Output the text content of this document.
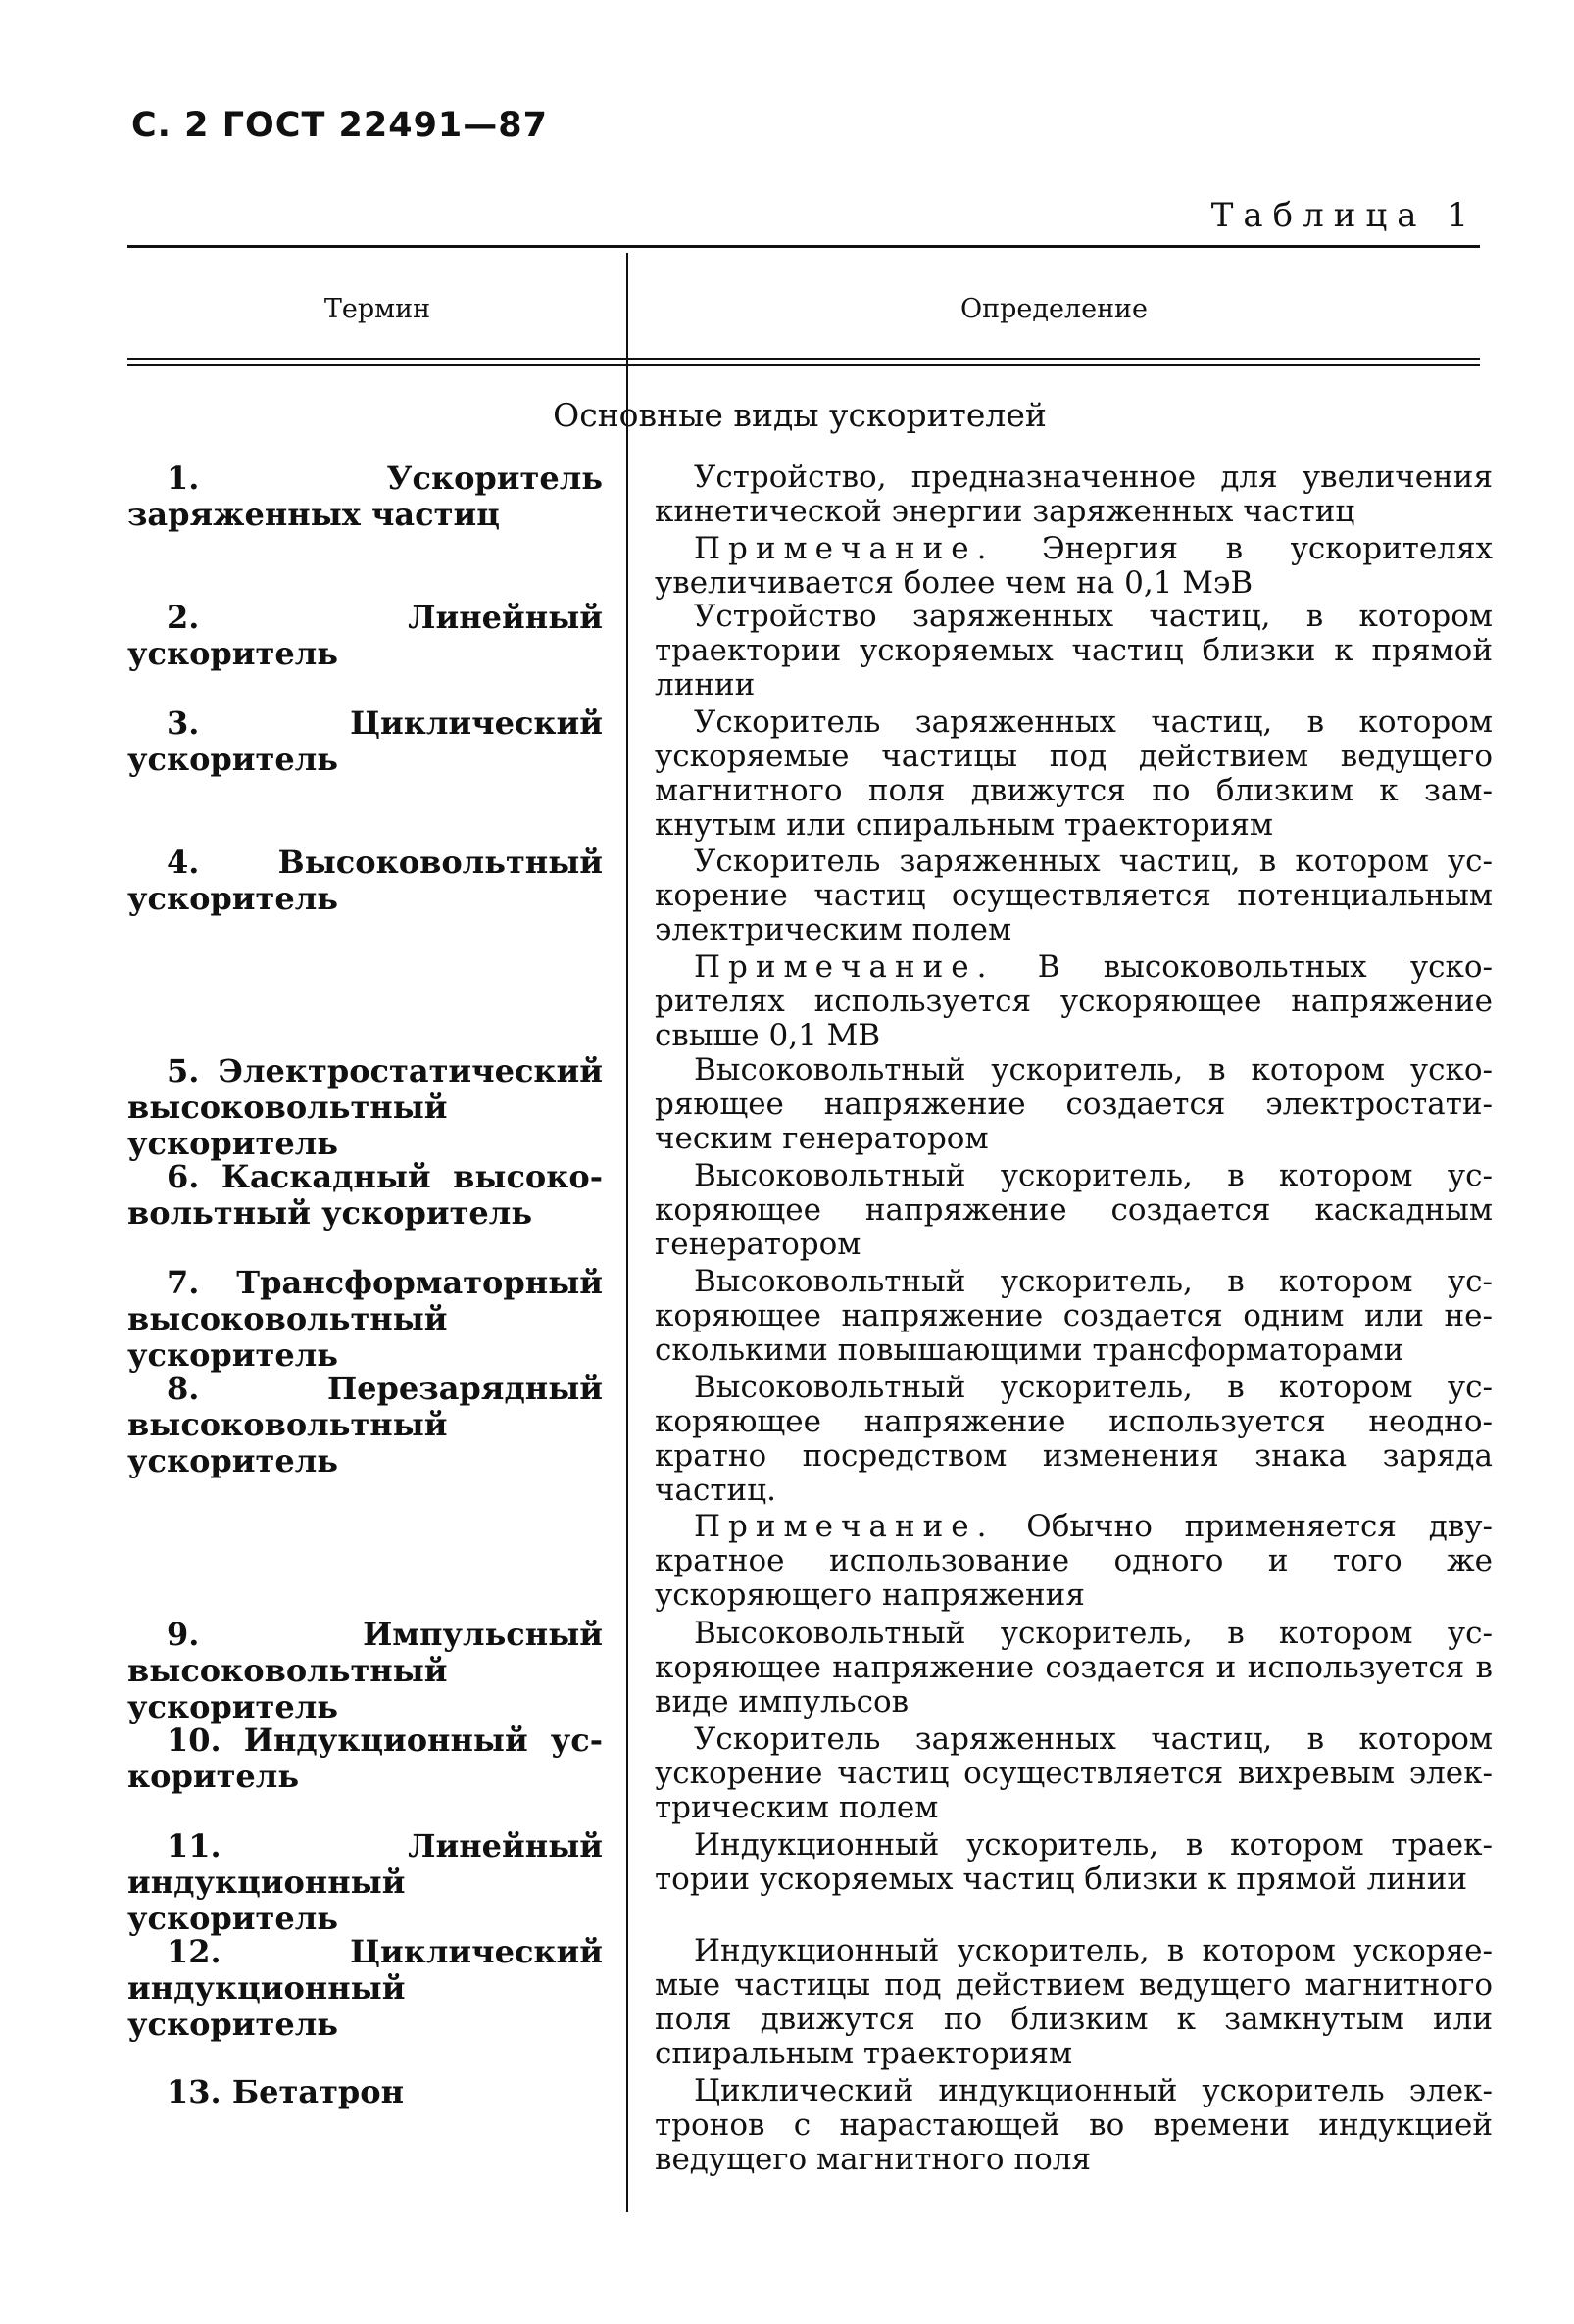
С. 2 ГОСТ 22491—87
Таблица 1
Термин	Определение
Основные виды ускорителей
1. Ускоритель заряженных частиц
Устройство, предназначенное для увеличения кинетической энергии заряженных частиц
Примечание. Энергия в ускорителях увеличивается более чем на 0,1 МэВ
2. Линейный ускоритель
Устройство заряженных частиц, в котором траектории ускоряемых частиц близки к прямой линии
3. Циклический ускоритель
Ускоритель заряженных частиц, в котором ускоряемые частицы под действием ведущего магнитного поля движутся по близким к замкнутым или спиральным траекториям
4. Высоковольтный ускоритель
Ускоритель заряженных частиц, в котором ускорение частиц осуществляется потенциальным электрическим полем
Примечание. В высоковольтных ускорителях используется ускоряющее напряжение свыше 0,1 МВ
5. Электростатический высоковольтный ускоритель
Высоковольтный ускоритель, в котором ускоряющее напряжение создается электростатическим генератором
6. Каскадный высоковольтный ускоритель
Высоковольтный ускоритель, в котором ускоряющее напряжение создается каскадным генератором
7. Трансформаторный высоковольтный ускоритель
Высоковольтный ускоритель, в котором ускоряющее напряжение создается одним или несколькими повышающими трансформаторами
8. Перезарядный высоковольтный ускоритель
Высоковольтный ускоритель, в котором ускоряющее напряжение используется неоднократно посредством изменения знака заряда частиц.
Примечание. Обычно применяется двукратное использование одного и того же ускоряющего напряжения
9. Импульсный высоковольтный ускоритель
Высоковольтный ускоритель, в котором ускоряющее напряжение создается и используется в виде импульсов
10. Индукционный ускоритель
Ускоритель заряженных частиц, в котором ускорение частиц осуществляется вихревым электрическим полем
11. Линейный индукционный ускоритель
Индукционный ускоритель, в котором траектории ускоряемых частиц близки к прямой линии
12. Циклический индукционный ускоритель
Индукционный ускоритель, в котором ускоряемые частицы под действием ведущего магнитного поля движутся по близким к замкнутым или спиральным траекториям
13. Бетатрон	Циклический индукционный ускоритель электронов с нарастающей во времени индукцией ведущего магнитного поля
